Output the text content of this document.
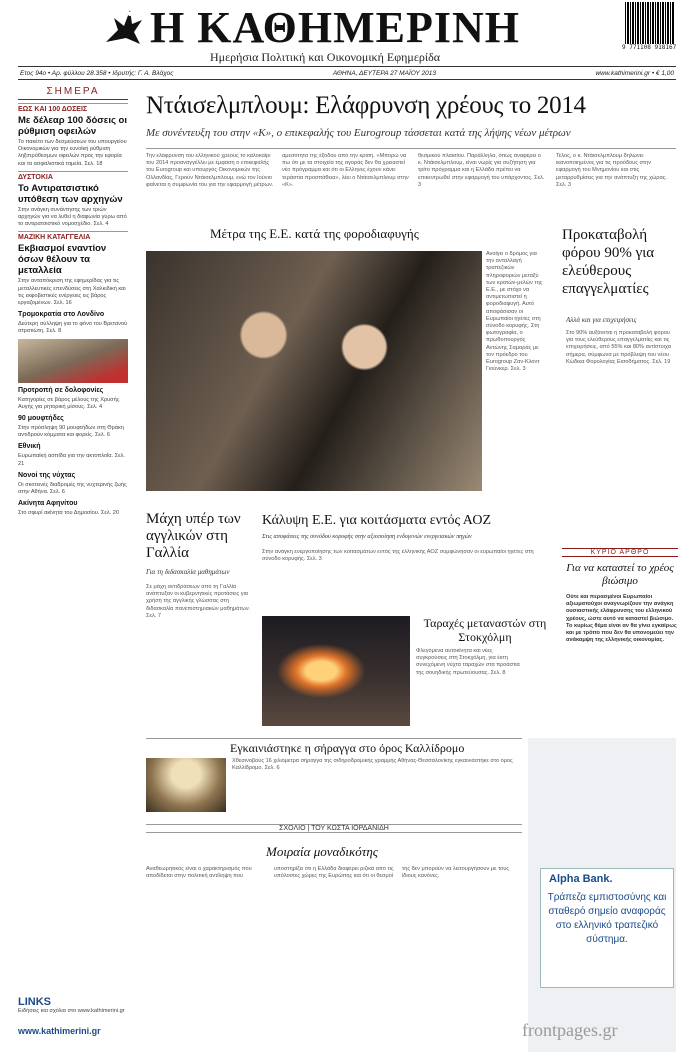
Η ΚΑΘΗΜΕΡΙΝΗ
Ημερήσια Πολιτική και Οικονομική Εφημερίδα
9 771108 918167
Ετος 94ο • Αρ. φύλλου 28.358 • Ιδρυτής: Γ. Α. Βλάχος	ΑΘΗΝΑ, ΔΕΥΤΕΡΑ 27 ΜΑΪΟΥ 2013	www.kathimerini.gr • € 1,00
ΣΗΜΕΡΑ
ΕΩΣ ΚΑΙ 100 ΔΟΣΕΙΣ
Με δέλεαρ 100 δόσεις οι ρύθμιση οφειλών

Το πακέτο των δεσμεύσεων του υπουργείου Οικονομικών για την ευνοϊκή ρύθμιση ληξιπρόθεσμων οφειλών προς την εφορία και τα ασφαλιστικά ταμεία. Σελ. 18

ΔΥΣΤΟΚΙΑ
Το Αντιρατσιστικό υπόθεση των αρχηγών

Στην ανάγκη συνάντησης των τριών αρχηγών για να λυθεί η διαφωνία γύρω από το αντιρατσιστικό νομοσχέδιο. Σελ. 4

ΜΑΖΙΚΗ ΚΑΤΑΓΓΕΛΙΑ
Εκβιασμοί εναντίον όσων θέλουν τα μεταλλεία

Στην ανταπόκριση της εφημερίδας για τις μεταλλευτικές επενδύσεις στη Χαλκιδική και τις εκφοβιστικές ενέργειες εις βάρος εργαζομένων. Σελ. 16

Τρομοκρατία στο Λονδίνο

Δεύτερη σύλληψη για το φόνο του Βρετανού στρατιώτη. Σελ. 8

Προτροπή σε δολοφονίες

Κατηγορίες σε βάρος μέλους της Χρυσής Αυγής για ρητορική μίσους. Σελ. 4

90 μουφτήδες

Στην πρόσληψη 90 μουφτήδων στη Θράκη αντιδρούν κόμματα και φορείς. Σελ. 6

Εθνική

Ευρωπαϊκή ασπίδα για την ακτοπλοΐα. Σελ. 21

Νονοί της νύχτας

Οι σκοτεινές διαδρομές της νυχτερινής ζωής στην Αθήνα. Σελ. 6

Ακίνητα Αφηνίτου

Στο σφυρί ακίνητα του Δημοσίου. Σελ. 20

LINKS
Ειδήσεις και σχόλια στο www.kathimerini.gr
www.kathimerini.gr
Ντάισελμπλουμ: Ελάφρυνση χρέους το 2014
Με συνέντευξη του στην «Κ», ο επικεφαλής του Eurogroup τάσσεται κατά της λήψης νέων μέτρων
Την ελάφρυνση του ελληνικού χρέους το καλοκαίρι του 2014 προαναγγέλλει με έμφαση ο επικεφαλής του Eurogroup και υπουργός Οικονομικών της Ολλανδίας, Γερούν Ντάισελμπλουμ, ενώ τον Ιούνιο φαίνεται η συμφωνία του για την εφαρμογή μέτρων.
αμεσότητα της έξοδου από την κρίση. «Μπορώ να πω ότι με τα στοιχεία της αγοράς δεν θα χρειαστεί νέο πρόγραμμα και ότι οι Ελληνες έχουν κάνει τεράστια προσπάθεια», λέει ο Ντάισελμπλουμ στην «Κ».
θεσμικού πλαισίου. Παράλληλα, όπως αναφέρει ο κ. Ντάισελμπλουμ, είναι νωρίς για συζήτηση για τρίτο πρόγραμμα και η Ελλάδα πρέπει να επικεντρωθεί στην εφαρμογή του υπάρχοντος. Σελ. 3
Τέλος, ο κ. Ντάισελμπλουμ δηλώνει ικανοποιημένος για τις προόδους στην εφαρμογή του Μνημονίου και στις μεταρρυθμίσεις για την ανάπτυξη της χώρας. Σελ. 3
Μέτρα της Ε.Ε. κατά της φοροδιαφυγής
Ανοίγει ο δρόμος για την ανταλλαγή τραπεζικών πληροφοριών μεταξύ των κρατών-μελών της Ε.Ε., με στόχο να αντιμετωπιστεί η φοροδιαφυγή. Αυτό αποφάσισαν οι Ευρωπαίοι ηγέτες στη σύνοδο κορυφής. Στη φωτογραφία, ο πρωθυπουργός Αντώνης Σαμαράς με τον πρόεδρο του Eurogroup Ζαν-Κλοντ Γιούνκερ. Σελ. 3
Προκαταβολή φόρου 90% για ελεύθερους επαγγελματίες
Αλλά και για επιχειρήσεις
Στο 90% αυξάνεται η προκαταβολή φόρου για τους ελεύθερους επαγγελματίες και τις επιχειρήσεις, από 55% και 80% αντίστοιχα σήμερα, σύμφωνα με πρόβλεψη του νέου Κώδικα Φορολογίας Εισοδήματος. Σελ. 19
Μάχη υπέρ των αγγλικών στη Γαλλία
Για τη διδασκαλία μαθημάτων
Σε μάχη αντιδράσεων από τη Γαλλία ανάπτυξαν οι κυβερνητικές προτάσεις για χρήση της αγγλικής γλώσσας στη διδασκαλία πανεπιστημιακών μαθημάτων. Σελ. 7
Κάλυψη Ε.Ε. για κοιτάσματα εντός ΑΟΖ
Στις αποφάσεις της συνόδου κορυφής στην αξιοποίηση ενδογενών ενεργειακών πηγών
Στην ανάγκη ενεργοποίησης των κοιτασμάτων εντός της ελληνικής ΑΟΖ συμφώνησαν οι ευρωπαίοι ηγέτες στη σύνοδο κορυφής. Σελ. 3
Ταραχές μεταναστών στη Στοκχόλμη
Φλεγόμενα αυτοκίνητα και νέες συγκρούσεις στη Στοκχόλμη, για έκτη συνεχόμενη νύχτα ταραχών στα προάστια της σουηδικής πρωτεύουσας. Σελ. 8
ΚΥΡΙΟ ΑΡΘΡΟ
Για να καταστεί το χρέος βιώσιμο
Ούτε και περασμένοι Ευρωπαίοι αξιωματούχοι αναγνωρίζουν την ανάγκη ουσιαστικής ελάφρυνσης του ελληνικού χρέους, ώστε αυτό να καταστεί βιώσιμο. Το κυρίως θέμα είναι αν θα γίνει εγκαίρως και με τρόπο που δεν θα υπονομεύει την ανάκαμψη της ελληνικής οικονομίας.
Εγκαινιάστηκε η σήραγγα στο όρος Καλλίδρομο
Χθεσινοβούς 16 χιλιόμετρα σήραγγα της σιδηροδρομικής γραμμής Αθήνας-Θεσσαλονίκης εγκαινιάστηκε στο όρος Καλλίδρομο. Σελ. 6
ΣΧΟΛΙΟ | ΤΟΥ ΚΩΣΤΑ ΙΟΡΔΑΝΙΔΗ
Μοιραία μοναδικότης
Αναθεωρητικός είναι ο χαρακτηρισμός που αποδίδεται στην πολιτική αντίληψη που υποστηρίζει ότι η Ελλάδα διαφέρει ριζικά από τις υπόλοιπες χώρες της Ευρώπης και ότι οι θεσμοί της δεν μπορούν να λειτουργήσουν με τους ίδιους κανόνες.	Alpha Bank.
Τράπεζα εμπιστοσύνης και σταθερό σημείο αναφοράς στο ελληνικό τραπεζικό σύστημα.
frontpages.gr
